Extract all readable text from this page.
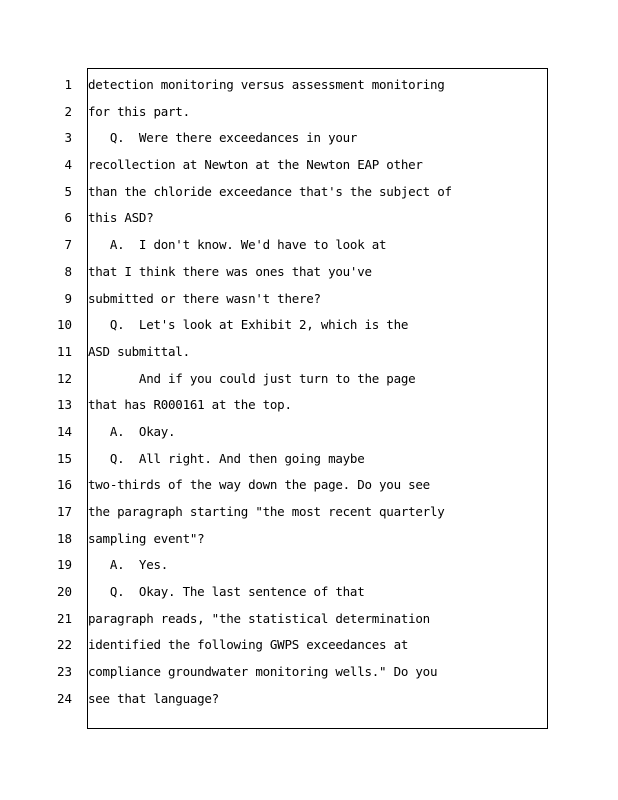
1 detection monitoring versus assessment monitoring
2 for this part.
3 Q.  Were there exceedances in your
4 recollection at Newton at the Newton EAP other
5 than the chloride exceedance that's the subject of
6 this ASD?
7 A.  I don't know. We'd have to look at
8 that I think there was ones that you've
9 submitted or there wasn't there?
10 Q.  Let's look at Exhibit 2, which is the
11 ASD submittal.
12 And if you could just turn to the page
13 that has R000161 at the top.
14 A.  Okay.
15 Q.  All right. And then going maybe
16 two-thirds of the way down the page. Do you see
17 the paragraph starting "the most recent quarterly
18 sampling event"?
19 A.  Yes.
20 Q.  Okay. The last sentence of that
21 paragraph reads, "the statistical determination
22 identified the following GWPS exceedances at
23 compliance groundwater monitoring wells." Do you
24 see that language?
